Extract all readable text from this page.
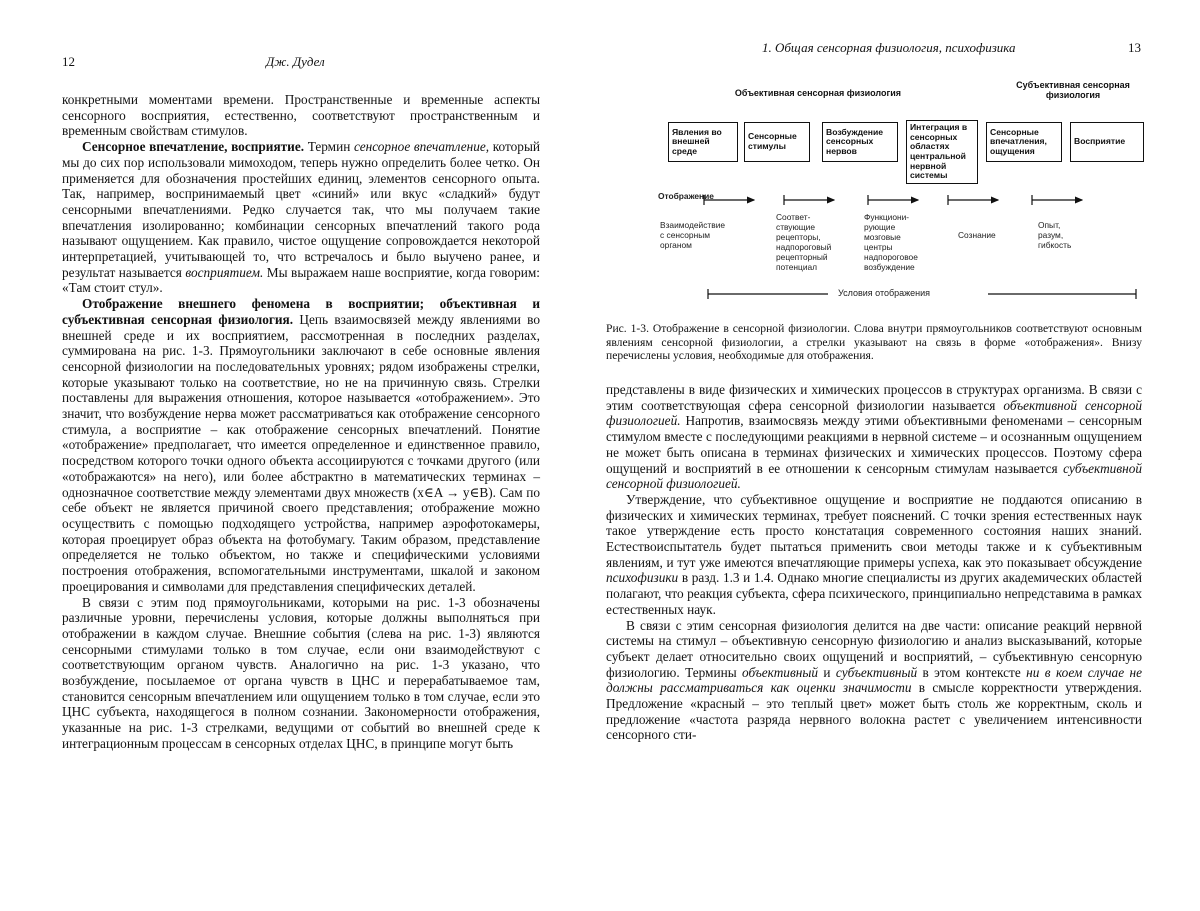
12	Дж. Дудел

конкретными моментами времени. Пространственные и временные аспекты сенсорного восприятия, естественно, соответствуют пространственным и временным свойствам стимулов.

Сенсорное впечатление, восприятие. Термин сенсорное впечатление, который мы до сих пор использовали мимоходом, теперь нужно определить более четко. Он применяется для обозначения простейших единиц, элементов сенсорного опыта. Так, например, воспринимаемый цвет «синий» или вкус «сладкий» будут сенсорными впечатлениями. Редко случается так, что мы получаем такие впечатления изолированно; комбинации сенсорных впечатлений такого рода называют ощущением. Как правило, чистое ощущение сопровождается некоторой интерпретацией, учитывающей то, что встречалось и было выучено ранее, и результат называется восприятием. Мы выражаем наше восприятие, когда говорим: «Там стоит стул».

Отображение внешнего феномена в восприятии; объективная и субъективная сенсорная физиология. Цепь взаимосвязей между явлениями во внешней среде и их восприятием, рассмотренная в последних разделах, суммирована на рис. 1-3. Прямоугольники заключают в себе основные явления сенсорной физиологии на последовательных уровнях; рядом изображены стрелки, которые указывают только на соответствие, но не на причинную связь. Стрелки поставлены для выражения отношения, которое называется «отображением». Это значит, что возбуждение нерва может рассматриваться как отображение сенсорного стимула, а восприятие – как отображение сенсорных впечатлений. Понятие «отображение» предполагает, что имеется определенное и единственное правило, посредством которого точки одного объекта ассоциируются с точками другого (или «отображаются» на него), или более абстрактно в математических терминах – однозначное соответствие между элементами двух множеств (x∈A → y∈B). Сам по себе объект не является причиной своего представления; отображение можно осуществить с помощью подходящего устройства, например аэрофотокамеры, которая проецирует образ объекта на фотобумагу. Таким образом, представление определяется не только объектом, но также и специфическими условиями построения отображения, вспомогательными инструментами, шкалой и законом проецирования и символами для представления специфических деталей.

В связи с этим под прямоугольниками, которыми на рис. 1-3 обозначены различные уровни, перечислены условия, которые должны выполняться при отображении в каждом случае. Внешние события (слева на рис. 1-3) являются сенсорными стимулами только в том случае, если они взаимодействуют с соответствующим органом чувств. Аналогично на рис. 1-3 указано, что возбуждение, посылаемое от органа чувств в ЦНС и перерабатываемое там, становится сенсорным впечатлением или ощущением только в том случае, если это ЦНС субъекта, находящегося в полном сознании. Закономерности отображения, указанные на рис. 1-3 стрелками, ведущими от событий во внешней среде к интеграционным процессам в сенсорных отделах ЦНС, в принципе могут быть

1. Общая сенсорная физиология, психофизика	13
Объективная сенсорная физиология
Субъективная сенсорная физиология
Явления во внешней среде
Сенсорные стимулы
Возбуждение сенсорных нервов
Интеграция в сенсорных областях центральной нервной системы
Сенсорные впечатления, ощущения
Восприятие
Отображение
Взаимодействие
с сенсорным
органом
Соответ-
ствующие
рецепторы,
надпороговый
рецепторный
потенциал
Функциони-
рующие
мозговые
центры
надпороговое
возбуждение
Сознание
Опыт,
разум,
гибкость
Условия отображения
Рис. 1-3. Отображение в сенсорной физиологии. Слова внутри прямоугольников соответствуют основным явлениям сенсорной физиологии, а стрелки указывают на связь в форме «отображения». Внизу перечислены условия, необходимые для отображения.

представлены в виде физических и химических процессов в структурах организма. В связи с этим соответствующая сфера сенсорной физиологии называется объективной сенсорной физиологией. Напротив, взаимосвязь между этими объективными феноменами – сенсорным стимулом вместе с последующими реакциями в нервной системе – и осознанным ощущением не может быть описана в терминах физических и химических процессов. Поэтому сфера ощущений и восприятий в ее отношении к сенсорным стимулам называется субъективной сенсорной физиологией.

Утверждение, что субъективное ощущение и восприятие не поддаются описанию в физических и химических терминах, требует пояснений. С точки зрения естественных наук такое утверждение есть просто констатация современного состояния наших знаний. Естествоиспытатель будет пытаться применить свои методы также и к субъективным явлениям, и тут уже имеются впечатляющие примеры успеха, как это показывает обсуждение психофизики в разд. 1.3 и 1.4. Однако многие специалисты из других академических областей полагают, что реакция субъекта, сфера психического, принципиально непредставима в рамках естественных наук.

В связи с этим сенсорная физиология делится на две части: описание реакций нервной системы на стимул – объективную сенсорную физиологию и анализ высказываний, которые субъект делает относительно своих ощущений и восприятий, – субъективную сенсорную физиологию. Термины объективный и субъективный в этом контексте ни в коем случае не должны рассматриваться как оценки значимости в смысле корректности утверждения. Предложение «красный – это теплый цвет» может быть столь же корректным, сколь и предложение «частота разряда нервного волокна растет с увеличением интенсивности сенсорного сти-
